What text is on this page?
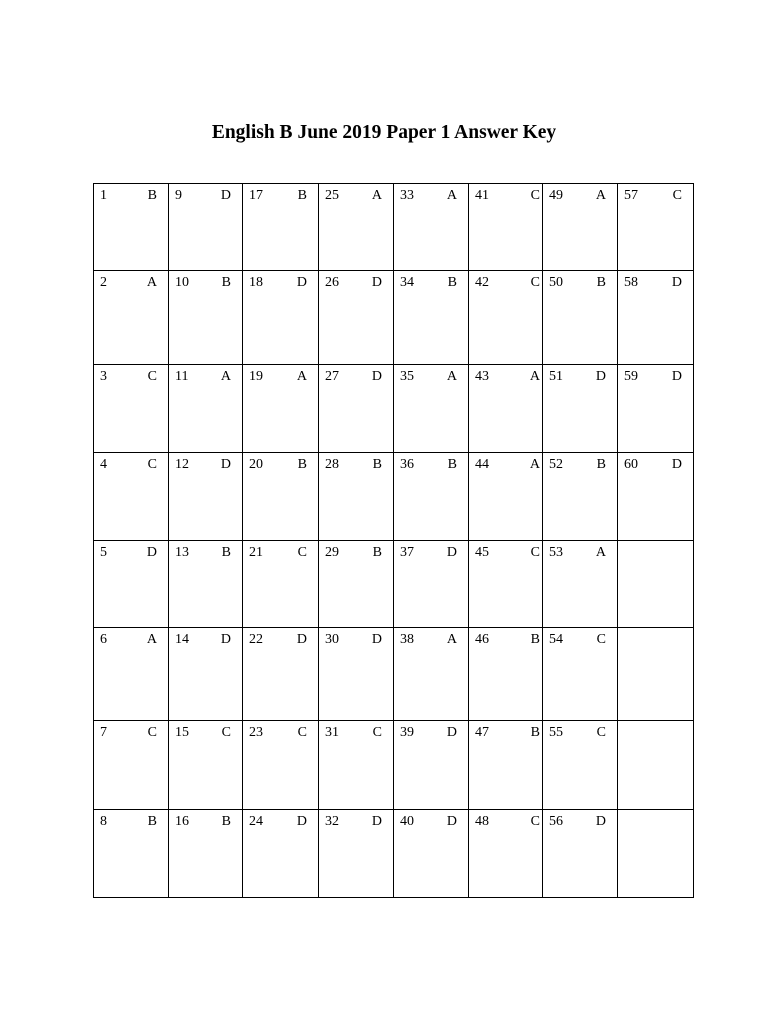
English B June 2019 Paper 1 Answer Key
1 B	9 D	17 B	25 A	33 A	41 C	49 A	57 C

2 A	10 B	18 D	26 D	34 B	42 C	50 B	58 D

3 C	11 A	19 A	27 D	35 A	43 A	51 D	59 D

4 C	12 D	20 B	28 B	36 B	44 A	52 B	60 D

5 D	13 B	21 C	29 B	37 D	45 C	53 A	

6 A	14 D	22 D	30 D	38 A	46 B	54 C	

7 C	15 C	23 C	31 C	39 D	47 B	55 C	

8 B	16 B	24 D	32 D	40 D	48 C	56 D	
